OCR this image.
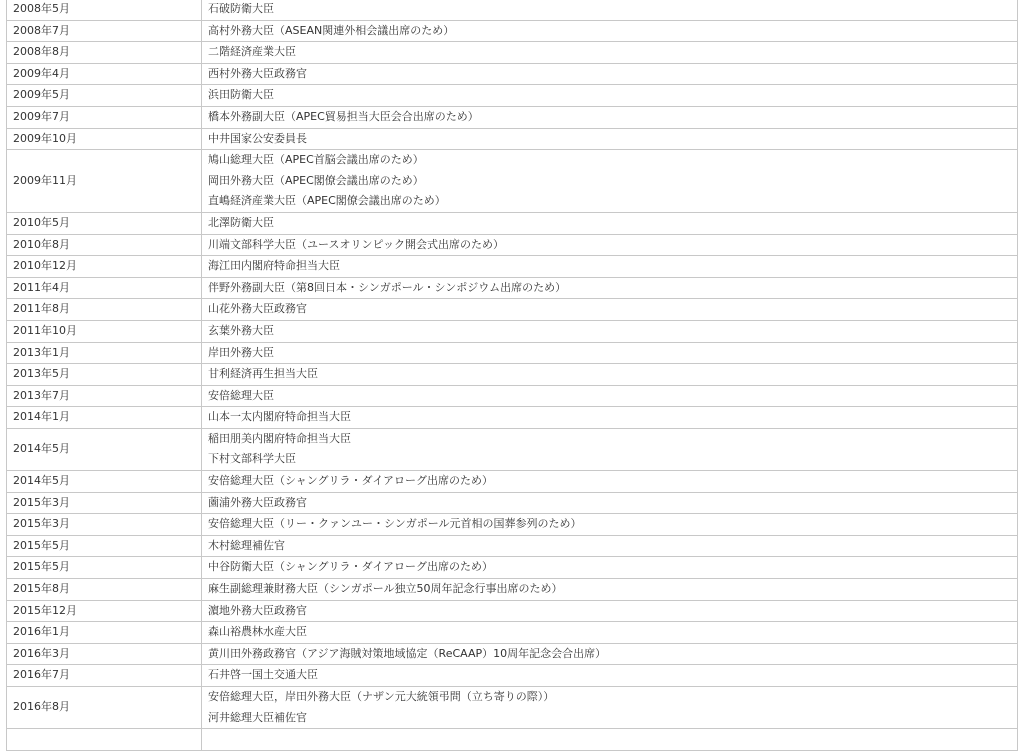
2008年5月	石破防衛大臣

2008年7月	高村外務大臣（ASEAN関連外相会議出席のため）

2008年8月	二階経済産業大臣

2009年4月	西村外務大臣政務官

2009年5月	浜田防衛大臣

2009年7月	橋本外務副大臣（APEC貿易担当大臣会合出席のため）

2009年10月	中井国家公安委員長

2009年11月	鳩山総理大臣（APEC首脳会議出席のため）
岡田外務大臣（APEC閣僚会議出席のため）
直嶋経済産業大臣（APEC閣僚会議出席のため）

2010年5月	北澤防衛大臣

2010年8月	川端文部科学大臣（ユースオリンピック開会式出席のため）

2010年12月	海江田内閣府特命担当大臣

2011年4月	伴野外務副大臣（第8回日本・シンガポール・シンポジウム出席のため）

2011年8月	山花外務大臣政務官

2011年10月	玄葉外務大臣

2013年1月	岸田外務大臣

2013年5月	甘利経済再生担当大臣

2013年7月	安倍総理大臣

2014年1月	山本一太内閣府特命担当大臣

2014年5月	稲田朋美内閣府特命担当大臣
下村文部科学大臣

2014年5月	安倍総理大臣（シャングリラ・ダイアローグ出席のため）

2015年3月	薗浦外務大臣政務官

2015年3月	安倍総理大臣（リー・クァンユー・シンガポール元首相の国葬参列のため）

2015年5月	木村総理補佐官

2015年5月	中谷防衛大臣（シャングリラ・ダイアローグ出席のため）

2015年8月	麻生副総理兼財務大臣（シンガポール独立50周年記念行事出席のため）

2015年12月	濵地外務大臣政務官

2016年1月	森山裕農林水産大臣

2016年3月	黄川田外務政務官（アジア海賊対策地域協定（ReCAAP）10周年記念会合出席）

2016年7月	石井啓一国土交通大臣

2016年8月	安倍総理大臣，岸田外務大臣（ナザン元大統領弔問（立ち寄りの際））
河井総理大臣補佐官
